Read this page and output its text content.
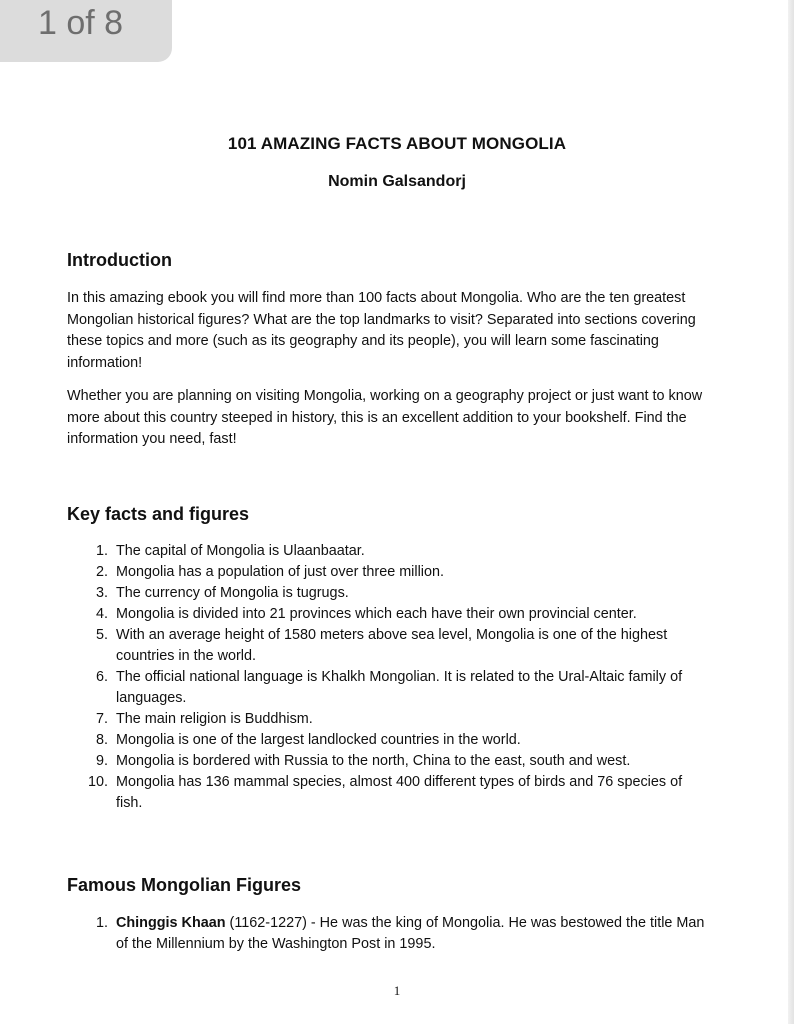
1 of 8
101 AMAZING FACTS ABOUT MONGOLIA
Nomin Galsandorj
Introduction

In this amazing ebook you will find more than 100 facts about Mongolia. Who are the ten greatest Mongolian historical figures? What are the top landmarks to visit? Separated into sections covering these topics and more (such as its geography and its people), you will learn some fascinating information!

Whether you are planning on visiting Mongolia, working on a geography project or just want to know more about this country steeped in history, this is an excellent addition to your bookshelf. Find the information you need, fast!

Key facts and figures
1. The capital of Mongolia is Ulaanbaatar.
2. Mongolia has a population of just over three million.
3. The currency of Mongolia is tugrugs.
4. Mongolia is divided into 21 provinces which each have their own provincial center.
5. With an average height of 1580 meters above sea level, Mongolia is one of the highest countries in the world.
6. The official national language is Khalkh Mongolian. It is related to the Ural-Altaic family of languages.
7. The main religion is Buddhism.
8. Mongolia is one of the largest landlocked countries in the world.
9. Mongolia is bordered with Russia to the north, China to the east, south and west.
10. Mongolia has 136 mammal species, almost 400 different types of birds and 76 species of fish.
Famous Mongolian Figures
1. Chinggis Khaan (1162-1227) - He was the king of Mongolia. He was bestowed the title Man of the Millennium by the Washington Post in 1995.
1
